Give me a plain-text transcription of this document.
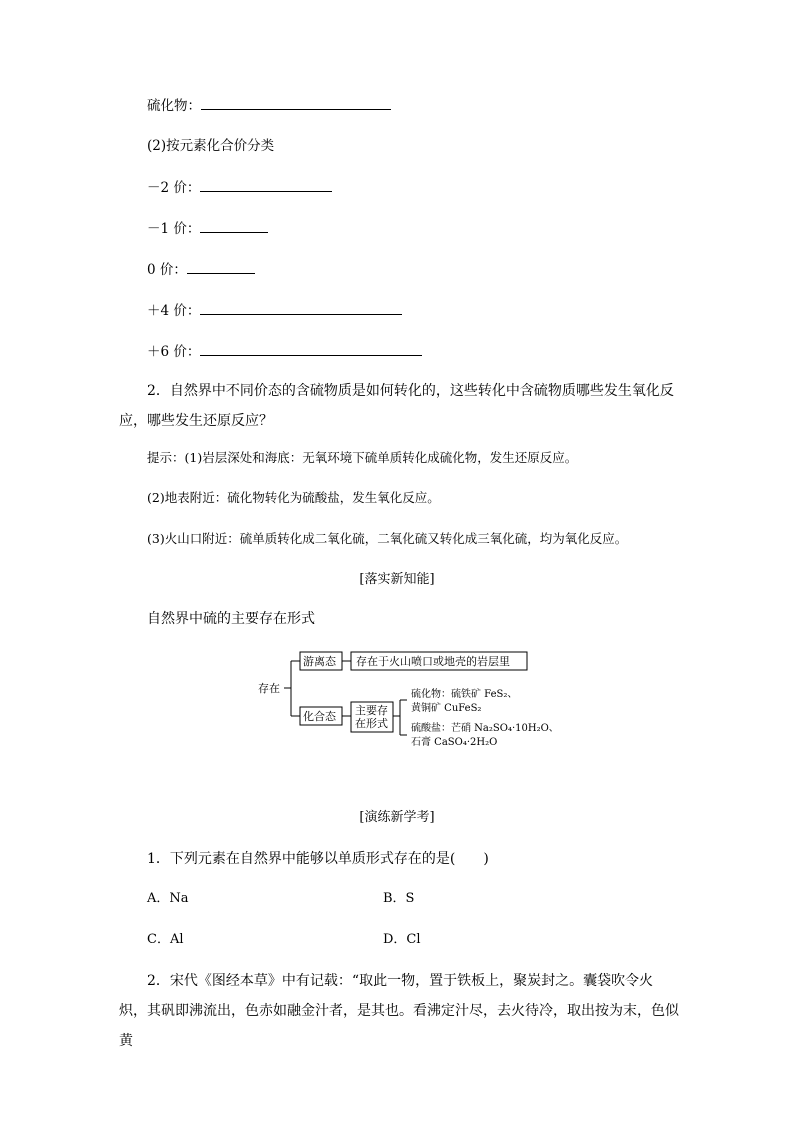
硫化物：
(2)按元素化合价分类
－2 价：
－1 价：
0 价：
＋4 价：
＋6 价：
2．自然界中不同价态的含硫物质是如何转化的，这些转化中含硫物质哪些发生氧化反应，哪些发生还原反应？
提示：(1)岩层深处和海底：无氧环境下硫单质转化成硫化物，发生还原反应。
(2)地表附近：硫化物转化为硫酸盐，发生氧化反应。
(3)火山口附近：硫单质转化成二氧化硫，二氧化硫又转化成三氧化硫，均为氧化反应。
[落实新知能]
自然界中硫的主要存在形式
存在
游离态 存在于火山喷口或地壳的岩层里
化合态 主要存
在形式
硫化物：硫铁矿 FeS₂、
黄铜矿 CuFeS₂
硫酸盐：芒硝 Na₂SO₄·10H₂O、
石膏 CaSO₄·2H₂O
[演练新学考]
1．下列元素在自然界中能够以单质形式存在的是(　　)
A．Na	B．S
C．Al	D．Cl
2．宋代《图经本草》中有记载：“取此一物，置于铁板上，聚炭封之。囊袋吹令火炽，其矾即沸流出，色赤如融金汁者，是其也。看沸定汁尽，去火待冷，取出按为末，色似黄
